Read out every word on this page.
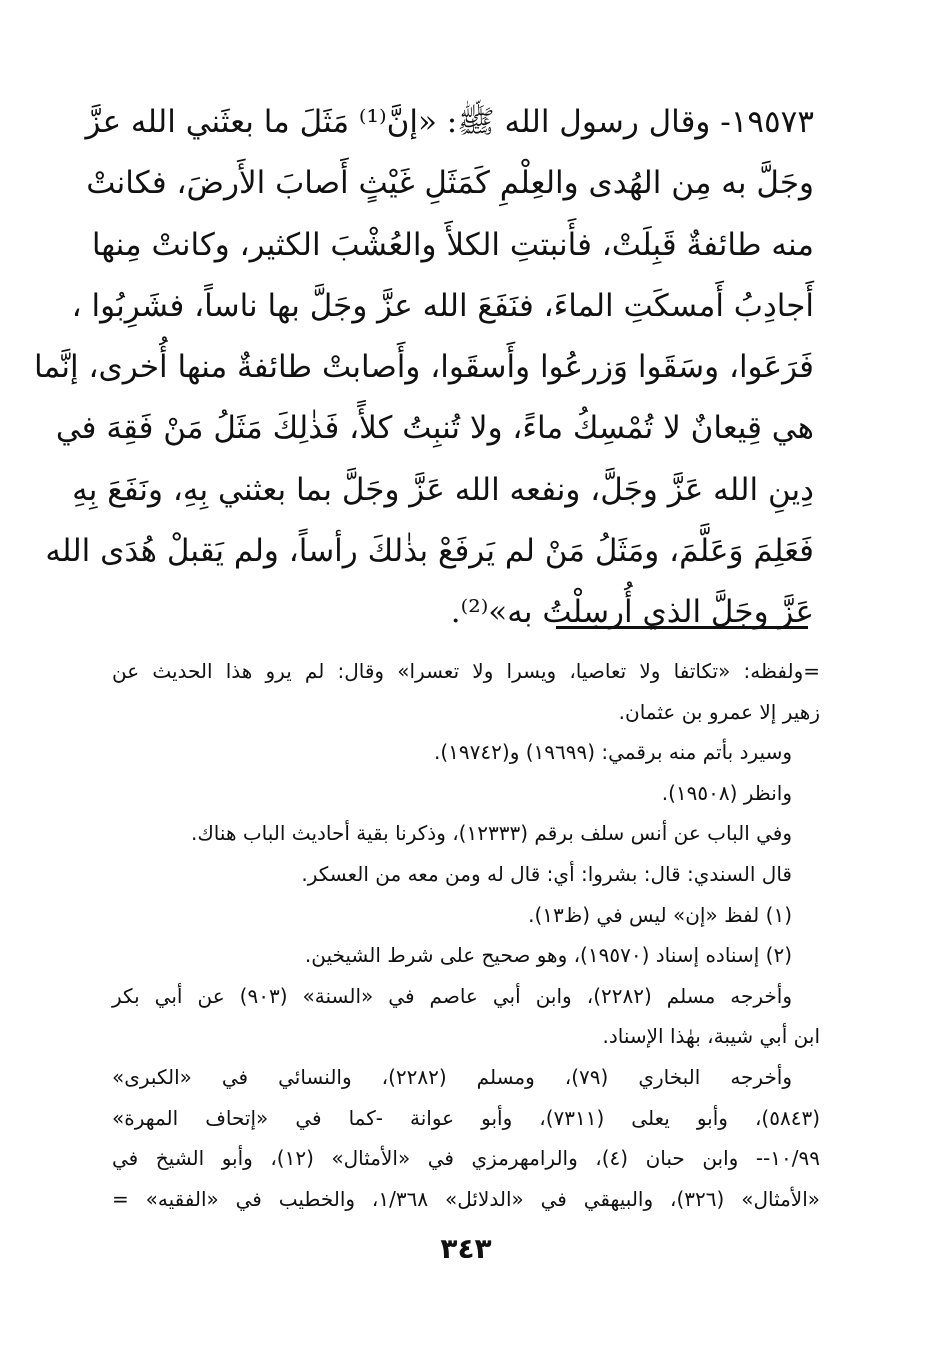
١٩٥٧٣- وقال رسول الله ﷺ: «إنَّ⁽¹⁾ مَثَلَ ما بعثَني الله عزَّ
وجَلَّ به مِن الهُدى والعِلْمِ كَمَثَلِ غَيْثٍ أَصابَ الأَرضَ، فكانتْ
منه طائفةٌ قَبِلَتْ، فأَنبتتِ الكلأَ والعُشْبَ الكثير، وكانتْ مِنها
أَجادِبُ أَمسكَتِ الماءَ، فنَفَعَ الله عزَّ وجَلَّ بها ناساً، فشَرِبُوا ،
فَرَعَوا، وسَقَوا وَزرعُوا وأَسقَوا، وأَصابتْ طائفةٌ منها أُخرى، إنَّما
هي قِيعانٌ لا تُمْسِكُ ماءً، ولا تُنبِتُ كلأً، فَذٰلِكَ مَثَلُ مَنْ فَقِهَ في
دِينِ الله عَزَّ وجَلَّ، ونفعه الله عَزَّ وجَلَّ بما بعثني بِهِ، ونَفَعَ بِهِ
فَعَلِمَ وَعَلَّمَ، ومَثَلُ مَنْ لم يَرفَعْ بذٰلكَ رأساً، ولم يَقبلْ هُدَى الله
عَزَّ وجَلَّ الذي أُرسِلْتُ به»⁽²⁾.

=ولفظه: «تكاتفا ولا تعاصيا، ويسرا ولا تعسرا» وقال: لم يرو هذا الحديث عن
زهير إلا عمرو بن عثمان.

وسيرد بأتم منه برقمي: (١٩٦٩٩) و(١٩٧٤٢).

وانظر (١٩٥٠٨).

وفي الباب عن أنس سلف برقم (١٢٣٣٣)، وذكرنا بقية أحاديث الباب هناك.

قال السندي: قال: بشروا: أي: قال له ومن معه من العسكر.

(١) لفظ «إن» ليس في (ظ١٣).

(٢) إسناده إسناد (١٩٥٧٠)، وهو صحيح على شرط الشيخين.

وأخرجه مسلم (٢٢٨٢)، وابن أبي عاصم في «السنة» (٩٠٣) عن أبي بكر
ابن أبي شيبة، بهٰذا الإسناد.

وأخرجه البخاري (٧٩)، ومسلم (٢٢٨٢)، والنسائي في «الكبرى»
(٥٨٤٣)، وأبو يعلى (٧٣١١)، وأبو عوانة -كما في «إتحاف المهرة»
١٠/٩٩-- وابن حبان (٤)، والرامهرمزي في «الأمثال» (١٢)، وأبو الشيخ في
«الأمثال» (٣٢٦)، والبيهقي في «الدلائل» ١/٣٦٨، والخطيب في «الفقيه» =

٣٤٣
